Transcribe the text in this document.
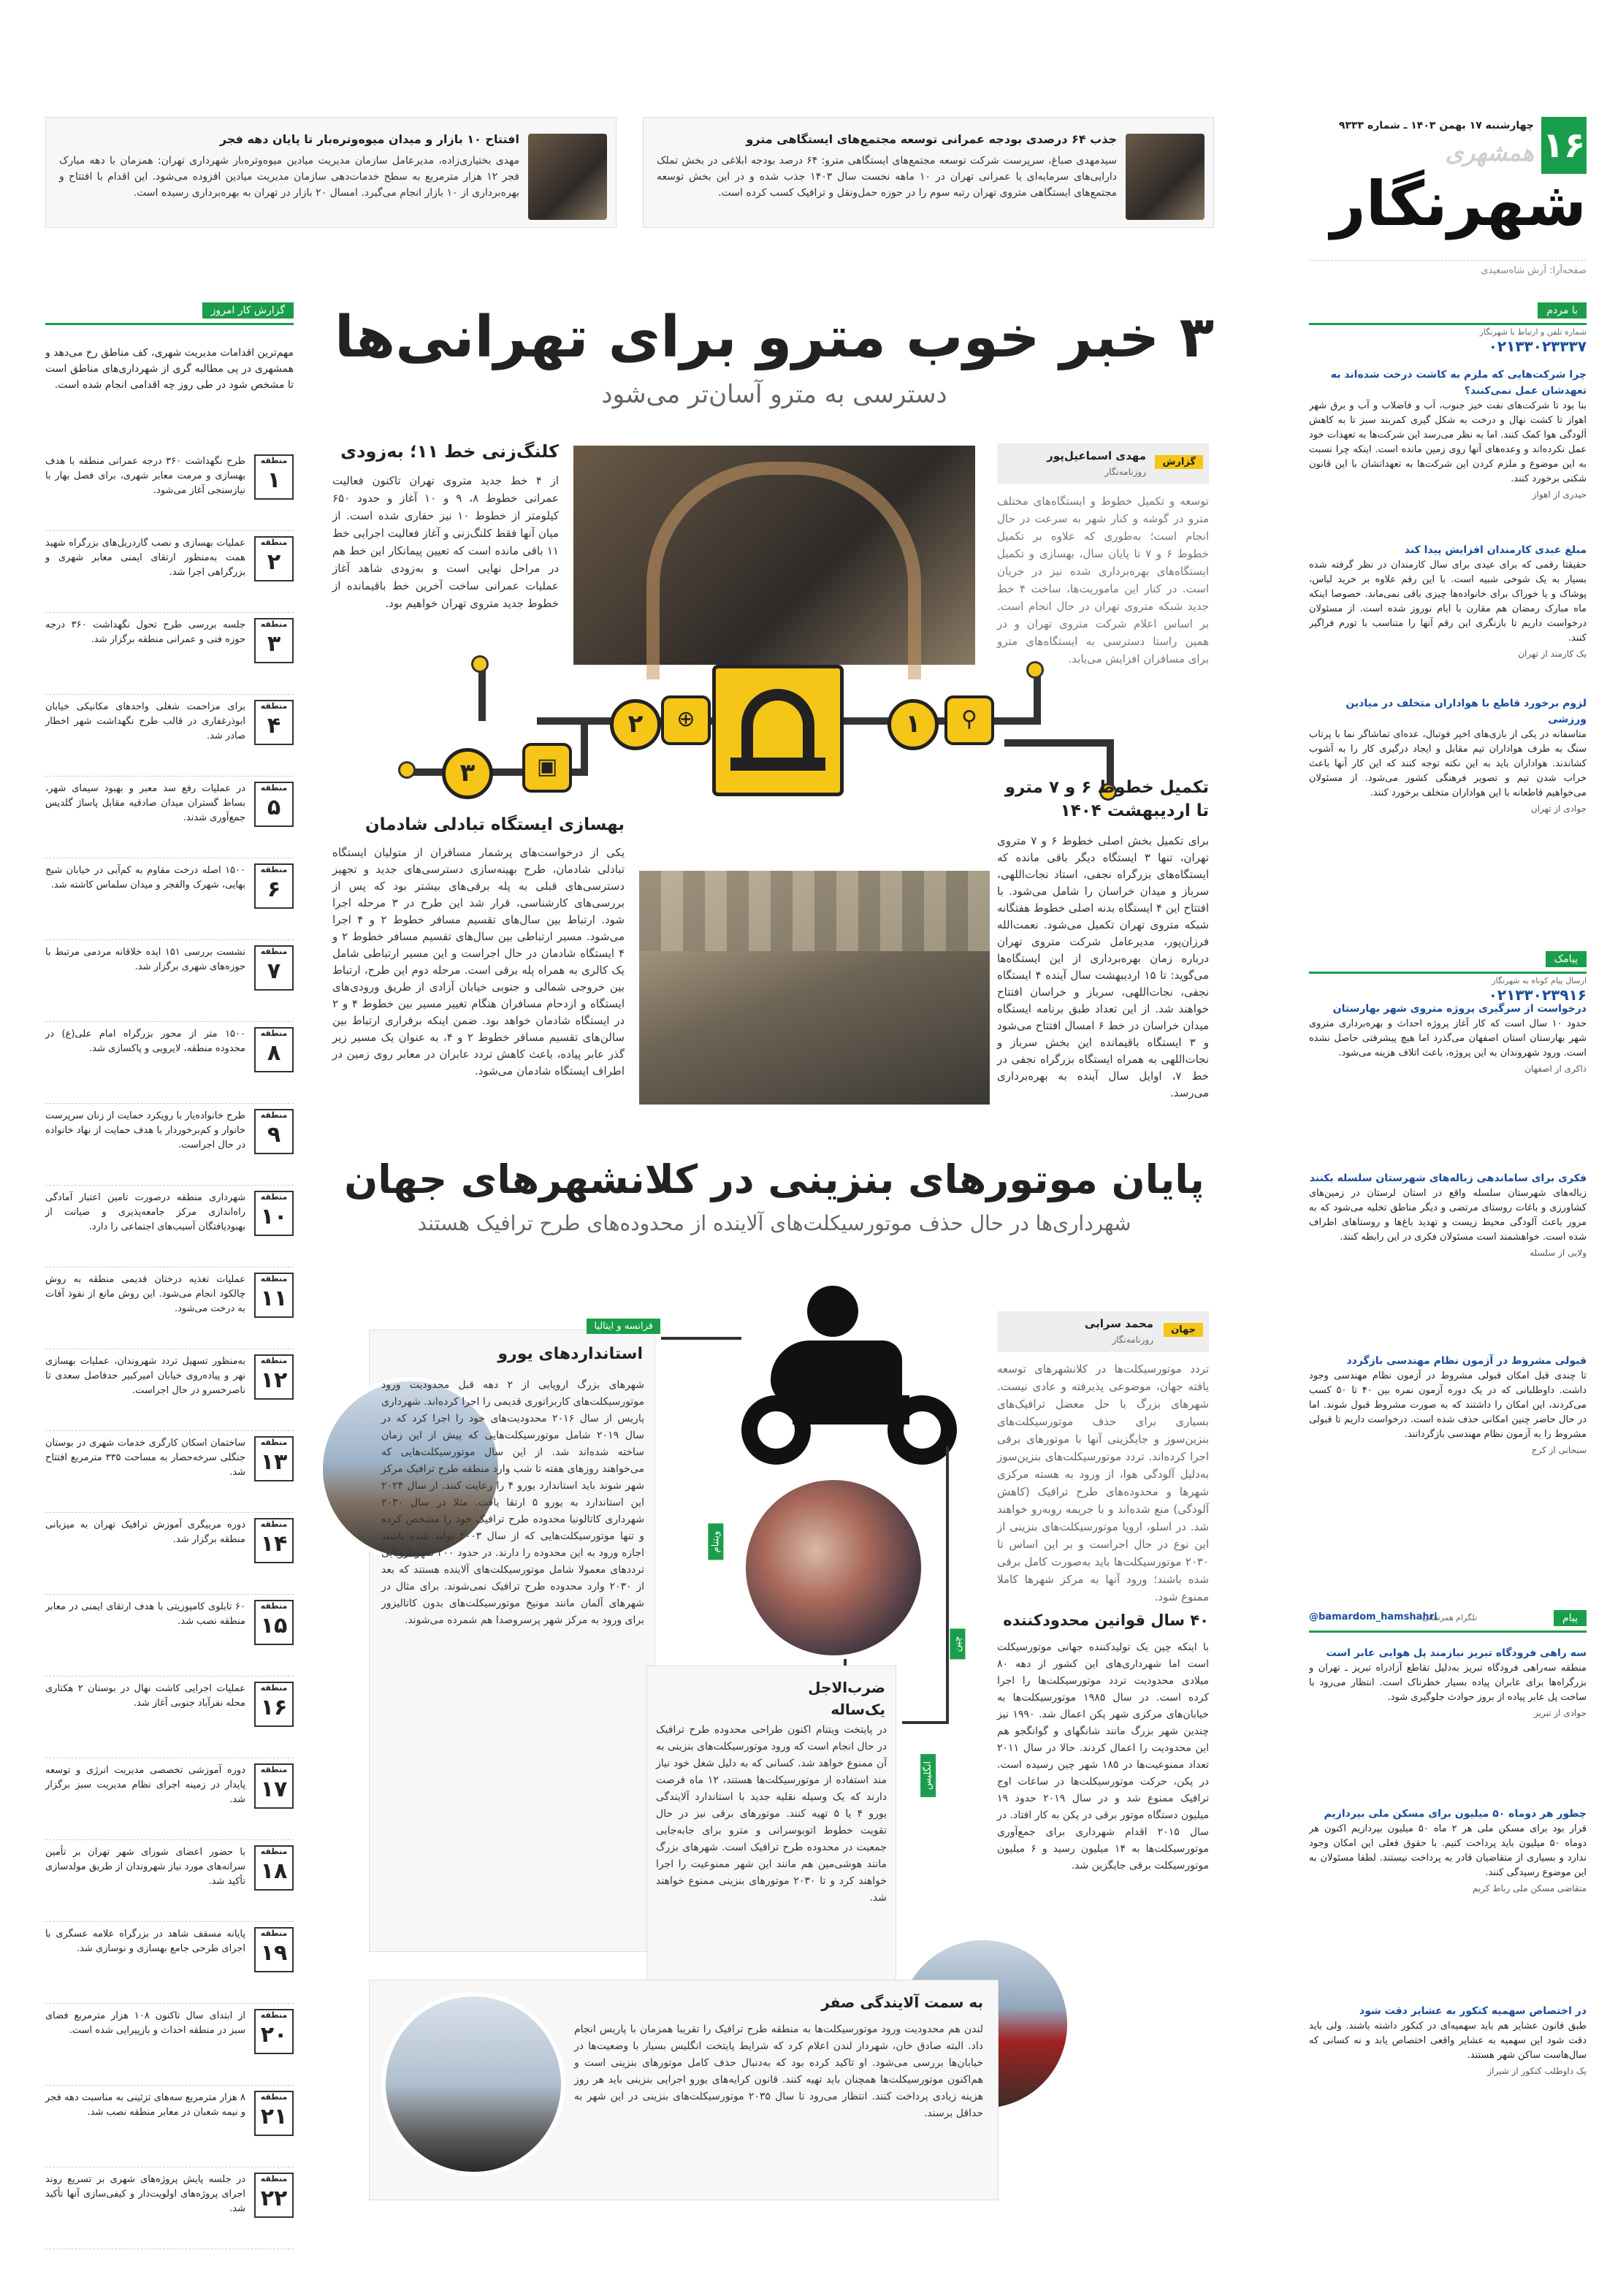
۱۶
چهارشنبه ۱۷ بهمن ۱۴۰۳ ـ شماره ۹۳۳۳
همشهری
شهرنگار
صفحه‌آرا: آرش شاه‌سعیدی
جذب ۶۴ درصدی بودجه عمرانی توسعه مجتمع‌های ایستگاهی مترو
سیدمهدی صباغ، سرپرست شرکت توسعه مجتمع‌های ایستگاهی مترو: ۶۴ درصد بودجه ابلاغی در بخش تملک دارایی‌های سرمایه‌ای یا عمرانی تهران در ۱۰ ماهه نخست سال ۱۴۰۳ جذب شده و در این بخش توسعه مجتمع‌های ایستگاهی متروی تهران رتبه سوم را در حوزه حمل‌ونقل و ترافیک کسب کرده است.
افتتاح ۱۰ بازار و میدان میوه‌وتره‌بار تا پایان دهه فجر
مهدی بختیاری‌زاده، مدیرعامل سازمان مدیریت میادین میوه‌وتره‌بار شهرداری تهران: همزمان با دهه مبارک فجر ۱۲ هزار مترمربع به سطح خدمات‌دهی سازمان مدیریت میادین افزوده می‌شود. این اقدام با افتتاح و بهره‌برداری از ۱۰ بازار انجام می‌گیرد. امسال ۲۰ بازار در تهران به بهره‌برداری رسیده است.
گزارش کار امروز
مهم‌ترین اقدامات مدیریت شهری، کف مناطق رخ می‌دهد و همشهری در پی مطالبه گری از شهرداری‌های مناطق است تا مشخص شود در طی روز چه اقدامی انجام شده است.
منطقه
۱
طرح نگهداشت ۳۶۰ درجه عمرانی منطقه با هدف بهسازی و مرمت معابر شهری، برای فصل بهار با نیازسنجی آغاز می‌شود.
منطقه
۲
عملیات بهسازی و نصب گاردریل‌های بزرگراه شهید همت به‌منظور ارتقای ایمنی معابر شهری و بزرگراهی اجرا شد.
منطقه
۳
جلسه بررسی طرح تحول نگهداشت ۳۶۰ درجه حوزه فنی و عمرانی منطقه برگزار شد.
منطقه
۴
برای مزاحمت شغلی واحدهای مکانیکی خیابان ابوذرغفاری در قالب طرح نگهداشت شهر اخطار صادر شد.
منطقه
۵
در عملیات رفع سد معبر و بهبود سیمای شهر، بساط گستران میدان صادقیه مقابل پاساژ گلدیس جمع‌آوری شدند.
منطقه
۶
۱۵۰۰ اصله درخت مقاوم به کم‌آبی در خیابان شیخ بهایی، شهرک والفجر و میدان سلماس کاشته شد.
منطقه
۷
نشست بررسی ۱۵۱ ایده خلاقانه مردمی مرتبط با حوزه‌های شهری برگزار شد.
منطقه
۸
۱۵۰۰ متر از محور بزرگراه امام علی(ع) در محدوده منطقه، لایروبی و پاکسازی شد.
منطقه
۹
طرح خانواده‌یار با رویکرد حمایت از زنان سرپرست خانوار و کم‌برخوردار با هدف حمایت از نهاد خانواده در حال اجراست.
منطقه
۱۰
شهرداری منطقه درصورت تامین اعتبار آمادگی راه‌اندازی مرکز جامعه‌پذیری و صیانت از بهبودیافتگان آسیب‌های اجتماعی را دارد.
منطقه
۱۱
عملیات تغذیه درختان قدیمی منطقه به روش چالکود انجام می‌شود. این روش مانع از نفوذ آفات به درخت می‌شود.
منطقه
۱۲
به‌منظور تسهیل تردد شهروندان، عملیات بهسازی نهر و پیاده‌روی خیابان امیرکبیر حدفاصل سعدی تا ناصرخسرو در حال اجراست.
منطقه
۱۳
ساختمان اسکان کارگری خدمات شهری در بوستان جنگلی سرخه‌حصار به مساحت ۳۳۵ مترمربع افتتاح شد.
منطقه
۱۴
دوره مربیگری آموزش ترافیک تهران به میزبانی منطقه برگزار شد.
منطقه
۱۵
۶۰ تابلوی کامپوزیتی با هدف ارتقای ایمنی در معابر منطقه نصب شد.
منطقه
۱۶
عملیات اجرایی کاشت نهال در بوستان ۲ هکتاری محله نفرآباد جنوبی آغاز شد.
منطقه
۱۷
دوره آموزشی تخصصی مدیریت انرژی و توسعه پایدار در زمینه اجرای نظام مدیریت سبز برگزار شد.
منطقه
۱۸
با حضور اعضای شورای شهر تهران بر تأمین سرانه‌های مورد نیاز شهروندان از طریق مولدسازی تأکید شد.
منطقه
۱۹
پایانه مسقف شاهد در بزرگراه علامه عسگری با اجرای طرحی جامع بهسازی و نوسازی شد.
منطقه
۲۰
از ابتدای سال تاکنون ۱۰۸ هزار مترمربع فضای سبز در منطقه احداث و بازپیرایی شده است.
منطقه
۲۱
۸ هزار مترمربع سه‌های تزئینی به مناسبت دهه فجر و نیمه شعبان در معابر منطقه نصب شد.
منطقه
۲۲
در جلسه پایش پروژه‌های شهری بر تسریع روند اجرای پروژه‌های اولویت‌دار و کیفی‌سازی آنها تأکید شد.
۳ خبر خوب مترو برای تهرانی‌ها
دسترسی به مترو آسان‌تر می‌شود
گزارش
مهدی اسماعیل‌پور
روزنامه‌نگار
توسعه و تکمیل خطوط و ایستگاه‌های مختلف مترو در گوشه و کنار شهر به سرعت در حال انجام است؛ به‌طوری که علاوه بر تکمیل خطوط ۶ و ۷ تا پایان سال، بهسازی و تکمیل ایستگاه‌های بهره‌برداری شده نیز در جریان است. در کنار این ماموریت‌ها، ساخت ۴ خط جدید شبکه متروی تهران در حال انجام است. بر اساس اعلام شرکت متروی تهران و در همین راستا دسترسی به ایستگاه‌های مترو برای مسافران افزایش می‌یابد.
کلنگ‌زنی خط ۱۱؛ به‌زودی
از ۴ خط جدید متروی تهران تاکنون فعالیت عمرانی خطوط ۸، ۹ و ۱۰ آغاز و حدود ۶۵۰ کیلومتر از خطوط ۱۰ نیز حفاری شده است. از میان آنها فقط کلنگ‌زنی و آغاز فعالیت اجرایی خط ۱۱ باقی مانده است که تعیین پیمانکار این خط هم در مراحل نهایی است و به‌زودی شاهد آغاز عملیات عمرانی ساخت آخرین خط باقیمانده از خطوط جدید متروی تهران خواهیم بود.
۱
۲
۳
⚲
⊕
▣
تکمیل خطوط ۶ و ۷ مترو تا اردیبهشت ۱۴۰۴
برای تکمیل بخش اصلی خطوط ۶ و ۷ متروی تهران، تنها ۳ ایستگاه دیگر باقی مانده که ایستگاه‌های بزرگراه نجفی، استاد نجات‌اللهی، سرباز و میدان خراسان را شامل می‌شود. با افتتاح این ۴ ایستگاه بدنه اصلی خطوط هفتگانه شبکه متروی تهران تکمیل می‌شود. نعمت‌الله فرزان‌پور، مدیرعامل شرکت متروی تهران درباره زمان بهره‌برداری از این ایستگاه‌ها می‌گوید: تا ۱۵ اردیبهشت سال آینده ۴ ایستگاه نجفی، نجات‌اللهی، سرباز و خراسان افتتاح خواهند شد. از این تعداد طبق برنامه ایستگاه میدان خراسان در خط ۶ امسال افتتاح می‌شود و ۳ ایستگاه باقیمانده این بخش سرباز و نجات‌اللهی به همراه ایستگاه بزرگراه نجفی در خط ۷، اوایل سال آینده به بهره‌برداری می‌رسد.
بهسازی ایستگاه تبادلی شادمان
یکی از درخواست‌های پرشمار مسافران از متولیان ایستگاه تبادلی شادمان، طرح بهینه‌سازی دسترسی‌های جدید و تجهیز دسترسی‌های قبلی به پله برقی‌های بیشتر بود که پس از بررسی‌های کارشناسی، قرار شد این طرح در ۳ مرحله اجرا شود. ارتباط بین سال‌های تقسیم مسافر خطوط ۲ و ۴ اجرا می‌شود. مسیر ارتباطی بین سال‌های تقسیم مسافر خطوط ۲ و ۴ ایستگاه شادمان در حال اجراست و این مسیر ارتباطی شامل یک کالری به همراه پله برقی است. مرحله دوم این طرح، ارتباط بین خروجی شمالی و جنوبی خیابان آزادی از طریق ورودی‌های ایستگاه و ازدحام مسافران هنگام تغییر مسیر بین خطوط ۴ و ۲ در ایستگاه شادمان خواهد بود. ضمن اینکه برقراری ارتباط بین سالن‌های تقسیم مسافر خطوط ۲ و ۴، به عنوان یک مسیر زیر گذر عابر پیاده، باعث کاهش تردد عابران در معابر روی زمین در اطراف ایستگاه شادمان می‌شود.
پایان موتورهای بنزینی در کلانشهرهای جهان
شهرداری‌ها در حال حذف موتورسیکلت‌های آلاینده از محدوده‌های طرح ترافیک هستند
جهان
محمد سرابی
روزنامه‌نگار
تردد موتورسیکلت‌ها در کلانشهرهای توسعه یافته جهان، موضوعی پذیرفته و عادی نیست. شهرهای بزرگ با حل معضل ترافیک‌های بسیاری برای حذف موتورسیکلت‌های بنزین‌سوز و جایگزینی آنها با موتورهای برقی اجرا کرده‌اند. تردد موتورسیکلت‌های بنزین‌سوز به‌دلیل آلودگی هوا، از ورود به هسته مرکزی شهرها و محدوده‌های طرح ترافیک (کاهش آلودگی) منع شده‌اند و با جریمه روبه‌رو خواهند شد. در اسلو، اروپا موتورسیکلت‌های بنزینی از این نوع در حال اجراست و بر این اساس تا ۲۰۳۰ موتورسیکلت‌ها باید به‌صورت کامل برقی شده باشند؛ ورود آنها به مرکز شهرها کاملا ممنوع شود.
فرانسه و ایتالیا
استانداردهای یورو
شهرهای بزرگ اروپایی از ۲ دهه قبل محدودیت ورود موتورسیکلت‌های کاربراتوری قدیمی را اجرا کرده‌اند. شهرداری پاریس از سال ۲۰۱۶ محدودیت‌های خود را اجرا کرد که در سال ۲۰۱۹ شامل موتورسیکلت‌هایی که پیش از این زمان ساخته شده‌اند شد. از این سال موتورسیکلت‌هایی که می‌خواهند روزهای هفته تا شب وارد منطقه طرح ترافیک مرکز شهر شوند باید استاندارد یورو ۴ را رعایت کنند. از سال ۲۰۲۴ این استاندارد به یورو ۵ ارتقا یافت. مثلا در سال ۲۰۳۰ شهرداری کاتالونیا محدوده طرح ترافیک خود را مشخص کرده و تنها موتورسیکلت‌هایی که از سال ۲۰۰۳ تولید شده باشند اجازه ورود به این محدوده را دارند. در حدود ۲۰۰ شهر اروپایی ترددهای معمولا شامل موتورسیکلت‌های آلاینده هستند که بعد از ۲۰۳۰ وارد محدوده طرح ترافیک نمی‌شوند. برای مثال در شهرهای آلمان مانند مونیخ موتورسیکلت‌های بدون کاتالیزور برای ورود به مرکز شهر پرسروصدا هم شمرده می‌شوند.
ویتنام
ضرب‌الاجل یک‌ساله
در پایتخت ویتنام اکنون طراحی محدوده طرح ترافیک در حال انجام است که ورود موتورسیکلت‌های بنزینی به آن ممنوع خواهد شد. کسانی که به دلیل شغل خود نیاز مند استفاده از موتورسیکلت‌ها هستند، ۱۲ ماه فرصت دارند که یک وسیله نقلیه جدید با استاندارد آلایندگی یورو ۴ یا ۵ تهیه کنند. موتورهای برقی نیز در حال تقویت خطوط اتوبوسرانی و مترو برای جابه‌جایی جمعیت در محدوده طرح ترافیک است. شهرهای بزرگ مانند هوشی‌مین هم مانند این شهر ممنوعیت را اجرا خواهند کرد و تا ۲۰۳۰ موتورهای بنزینی ممنوع خواهند شد.
چین
انگلیس
۴۰ سال قوانین محدودکننده
با اینکه چین یک تولیدکننده جهانی موتورسیکلت است اما شهرداری‌های این کشور از دهه ۸۰ میلادی محدودیت تردد موتورسیکلت‌ها را اجرا کرده است. در سال ۱۹۸۵ موتورسیکلت‌ها به خیابان‌های مرکزی شهر پکن اعمال شد. ۱۹۹۰ نیز چندین شهر بزرگ مانند شانگهای و گوانگجو هم این محدودیت را اعمال کردند. حالا در سال ۲۰۱۱ تعداد ممنوعیت‌ها در ۱۸۵ شهر چین رسیده است. در پکن، حرکت موتورسیکلت‌ها در ساعات اوج ترافیک ممنوع شد و در سال ۲۰۱۹ حدود ۱۹ میلیون دستگاه موتور برقی در پکن به کار افتاد. در سال ۲۰۱۵ اقدام شهرداری برای جمع‌آوری موتورسیکلت‌ها به ۱۴ میلیون رسید و ۶ میلیون موتورسیکلت برقی جایگزین شد.
به سمت آلایندگی صفر
لندن هم محدودیت ورود موتورسیکلت‌ها به منطقه طرح ترافیک را تقریبا همزمان با پاریس انجام داد. البته صادق خان، شهردار لندن اعلام کرد که شرایط پایتخت انگلیس بسیار با وضعیت‌ها در خیابان‌ها بررسی می‌شود. او تاکید کرده بود که به‌دنبال حذف کامل موتورهای بنزینی است و هم‌اکنون موتورسیکلت‌ها همچنان باید تهیه کنند. قانون کرایه‌های یورو اجرایی بنزینی باید هر روز هزینه زیادی پرداخت کنند. انتظار می‌رود تا سال ۲۰۳۵ موتورسیکلت‌های بنزینی در این شهر به حداقل برسند.
با مردم
شماره تلفن و ارتباط با شهرنگار
۰۲۱۳۳۰۲۳۳۳۷
پیامک
ارسال پیام کوتاه به شهرنگار
۰۲۱۳۳۰۲۳۹۱۶
پیام
تلگرام همرسانی
@bamardom_hamshahri
چرا شرکت‌هایی که ملزم به کاشت درخت شده‌اند به تعهدشان عمل نمی‌کنند؟
بنا بود تا شرکت‌های نفت خیز جنوب، آب و فاضلاب و آب و برق شهر اهواز تا کشت نهال و درخت به شکل گیری کمربند سبز تا به کاهش آلودگی هوا کمک کنند. اما به نظر می‌رسد این شرکت‌ها به تعهدات خود عمل نکرده‌اند و وعده‌های آنها روی زمین مانده است. اینکه چرا نسبت به این موضوع و ملزم کردن این شرکت‌ها به تعهداتشان با این قانون شکنی برخورد کنند.
حیدری از اهواز
مبلغ عیدی کارمندان افزایش پیدا کند
حقیقتا رقمی که برای عیدی برای سال کارمندان در نظر گرفته شده بسیار به یک شوخی شبیه است. با این رقم علاوه بر خرید لباس، پوشاک و یا خوراک برای خانواده‌ها چیزی باقی نمی‌ماند. خصوصا اینکه ماه مبارک رمضان هم مقارن با ایام نوروز شده است. از مسئولان درخواست داریم تا بازنگری این رقم آنها را متناسب با تورم فراگیر کنند.
یک کارمند از تهران
لزوم برخورد قاطع با هواداران متخلف در میادین ورزشی
متاسفانه در یکی از بازی‌های اخیر فوتبال، عده‌ای تماشاگر نما با پرتاب سنگ به طرف هواداران تیم مقابل و ایجاد درگیری کار را به آشوب کشاندند. هواداران باید به این نکته توجه کنند که این کار آنها باعث خراب شدن تیم و تصویر فرهنگی کشور می‌شود. از مسئولان می‌خواهیم قاطعانه با این هواداران متخلف برخورد کنند.
جوادی از تهران
درخواست از سرگیری پروژه متروی شهر بهارستان
حدود ۱۰ سال است که کار آغاز پروژه احداث و بهره‌برداری متروی شهر بهارستان استان اصفهان می‌گذرد اما هیچ پیشرفتی حاصل نشده است. ورود شهروندان به این پروژه، باعث اتلاف هزینه می‌شود.
ذاکری از اصفهان
فکری برای ساماندهی زباله‌های شهرستان سلسله بکنند
زباله‌های شهرستان سلسله واقع در استان لرستان در زمین‌های کشاورزی و باغات روستای مرتضی و دیگر مناطق تخلیه می‌شود که به مرور باعث آلودگی محیط زیست و تهدید باغ‌ها و روستاهای اطراف شده است. خواهشمند است مسئولان فکری در این رابطه کنند.
ولایی از سلسله
قبولی مشروط در آزمون نظام مهندسی بازگردد
تا چندی قبل امکان قبولی مشروط در آزمون نظام مهندسی وجود داشت. داوطلبانی که در یک دوره آزمون نمره بین ۴۰ تا ۵۰ کسب می‌کردند، این امکان را داشتند که به صورت مشروط قبول شوند. اما در حال حاضر چنین امکانی حذف شده است. درخواست داریم تا قبولی مشروط را به آزمون نظام مهندسی بازگردانند.
سبحانی از کرج
سه راهی فرودگاه تبریز نیازمند پل هوایی عابر است
منطقه سه‌راهی فرودگاه تبریز به‌دلیل تقاطع آزادراه تبریز ـ تهران و بزرگراه‌ها برای عابران پیاده بسیار خطرناک است. انتظار می‌رود با ساخت پل عابر پیاده از بروز حوادث جلوگیری شود.
جوادی از تبریز
چطور هر دوماه ۵۰ میلیون برای مسکن ملی بپردازیم
قرار بود برای مسکن ملی هر ۲ ماه ۵۰ میلیون بپردازیم اکنون هر دوماه ۵۰ میلیون باید پرداخت کنیم. با حقوق فعلی این امکان وجود ندارد و بسیاری از متقاضیان قادر به پرداخت نیستند. لطفا مسئولان به این موضوع رسیدگی کنند.
متقاضی مسکن ملی رباط کریم
در اختصاص سهمیه کنکور به عشایر دقت شود
طبق قانون عشایر هم باید سهمیه‌ای در کنکور داشته باشند. ولی باید دقت شود این سهمیه به عشایر واقعی اختصاص یابد و نه کسانی که سال‌هاست ساکن شهر هستند.
یک داوطلب کنکور از شیراز
